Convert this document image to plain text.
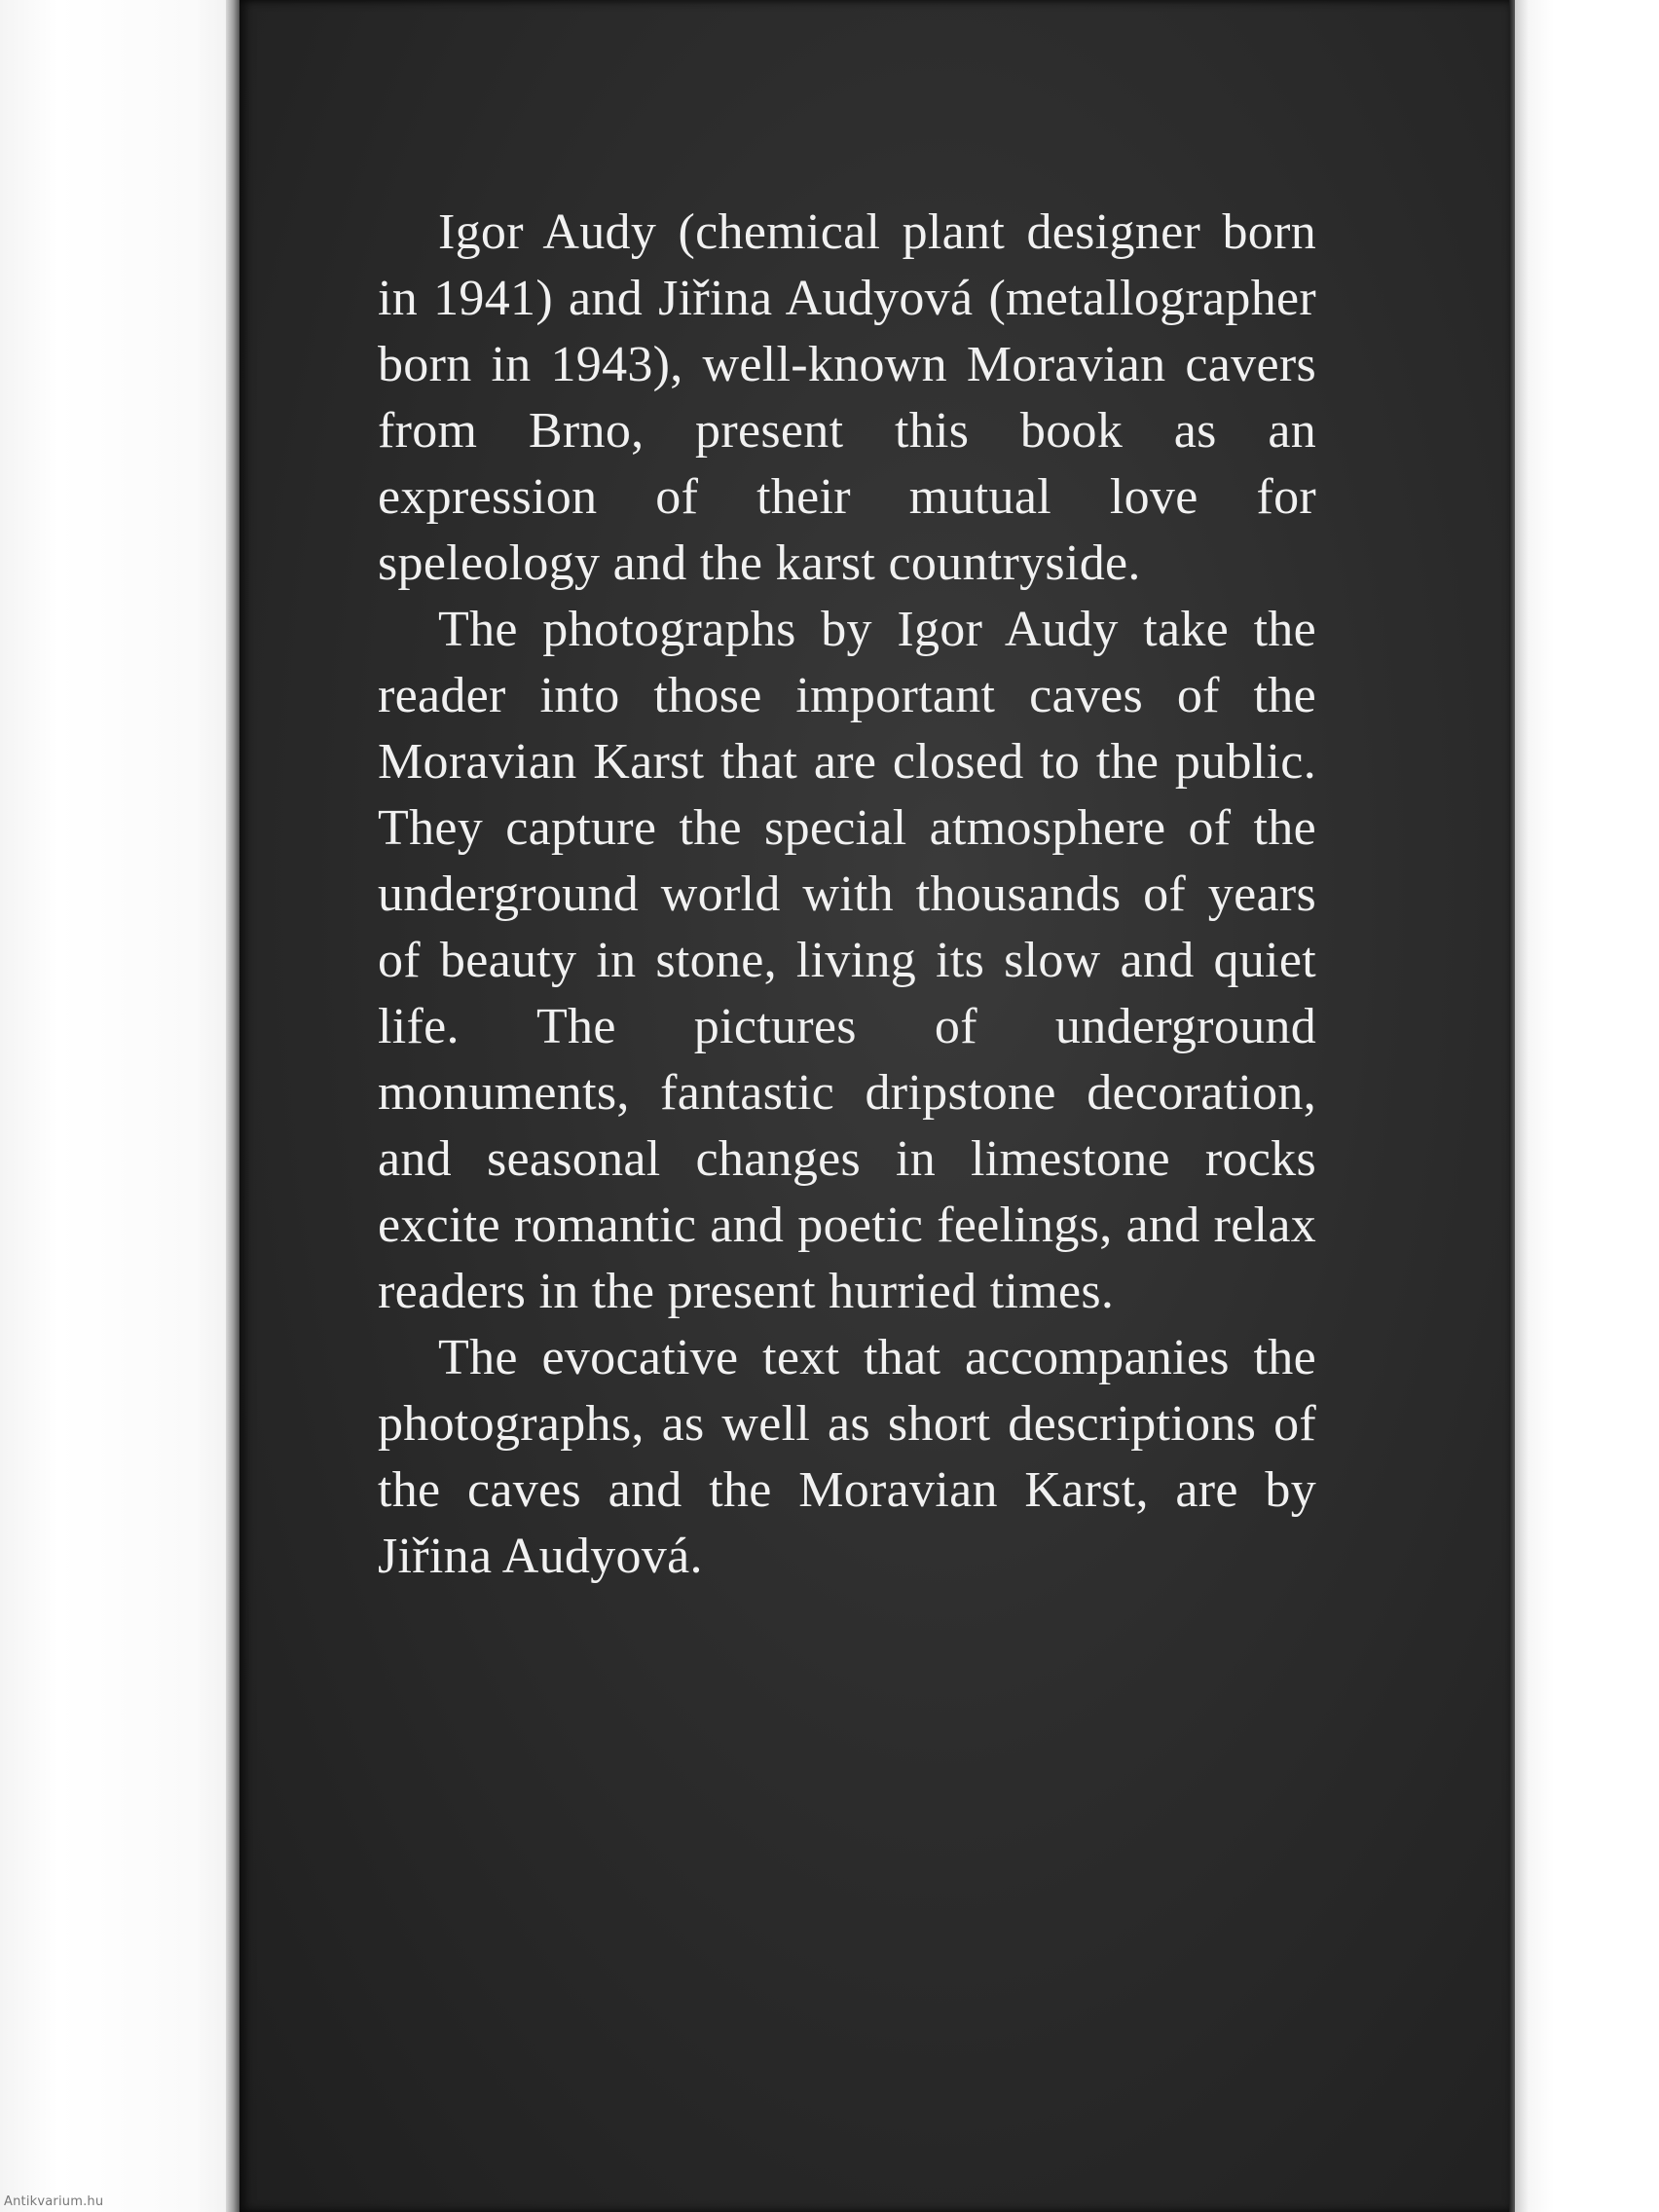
Igor Audy (chemical plant designer born in 1941) and Jiřina Audyová (metallographer born in 1943), well-known Moravian cavers from Brno, present this book as an expression of their mutual love for speleology and the karst countryside.

The photographs by Igor Audy take the reader into those important caves of the Moravian Karst that are closed to the public. They capture the special atmosphere of the underground world with thousands of years of beauty in stone, living its slow and quiet life. The pictures of underground monuments, fantastic dripstone decoration, and seasonal changes in limestone rocks excite romantic and poetic feelings, and relax readers in the present hurried times.

The evocative text that accompanies the photographs, as well as short descriptions of the caves and the Moravian Karst, are by Jiřina Audyová.

Antikvarium.hu
